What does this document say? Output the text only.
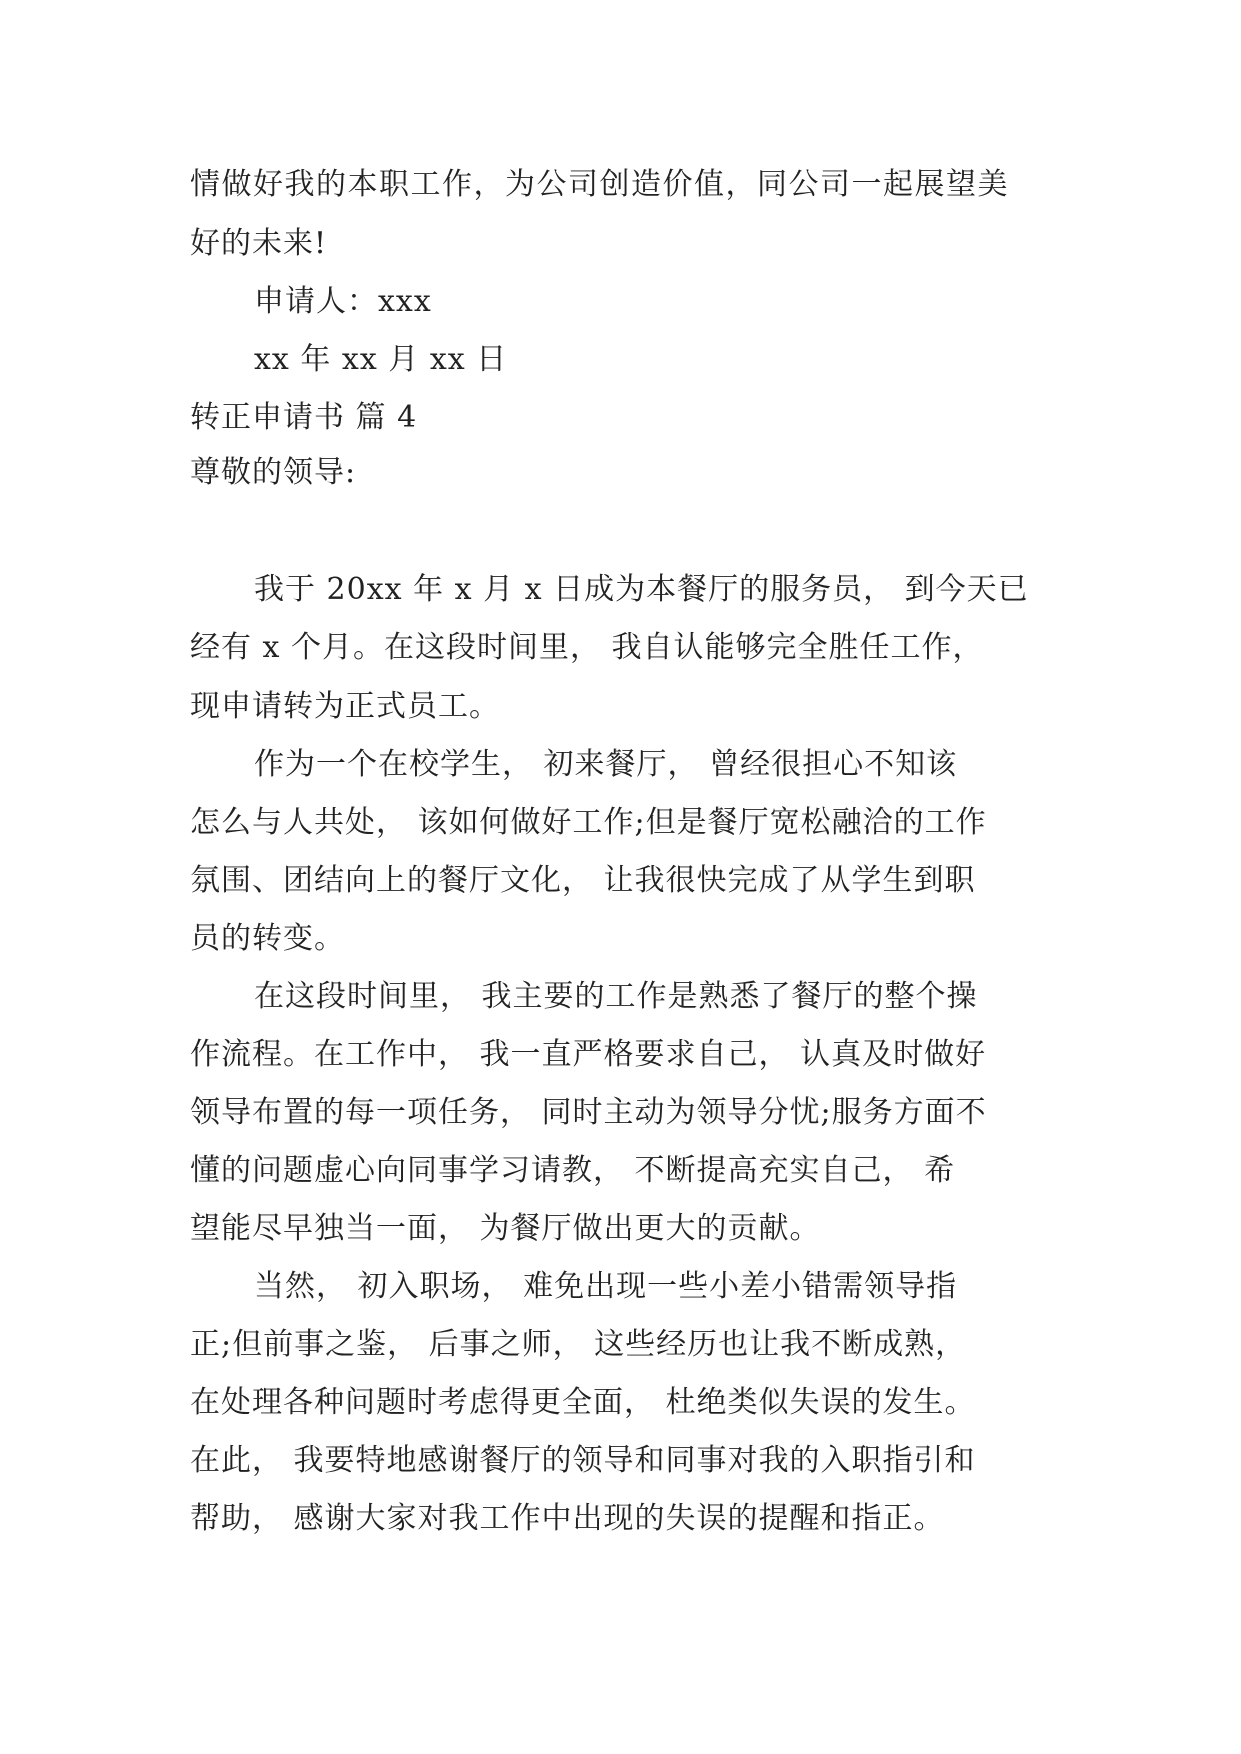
情做好我的本职工作，为公司创造价值，同公司一起展望美
好的未来!
申请人：xxx
xx 年 xx 月 xx 日
转正申请书 篇 4
尊敬的领导:
我于 20xx 年 x 月 x 日成为本餐厅的服务员， 到今天已
经有 x 个月。在这段时间里， 我自认能够完全胜任工作，
现申请转为正式员工。
作为一个在校学生， 初来餐厅， 曾经很担心不知该
怎么与人共处， 该如何做好工作;但是餐厅宽松融洽的工作
氛围、团结向上的餐厅文化， 让我很快完成了从学生到职
员的转变。
在这段时间里， 我主要的工作是熟悉了餐厅的整个操
作流程。在工作中， 我一直严格要求自己， 认真及时做好
领导布置的每一项任务， 同时主动为领导分忧;服务方面不
懂的问题虚心向同事学习请教， 不断提高充实自己， 希
望能尽早独当一面， 为餐厅做出更大的贡献。
当然， 初入职场， 难免出现一些小差小错需领导指
正;但前事之鉴， 后事之师， 这些经历也让我不断成熟，
在处理各种问题时考虑得更全面， 杜绝类似失误的发生。
在此， 我要特地感谢餐厅的领导和同事对我的入职指引和
帮助， 感谢大家对我工作中出现的失误的提醒和指正。
